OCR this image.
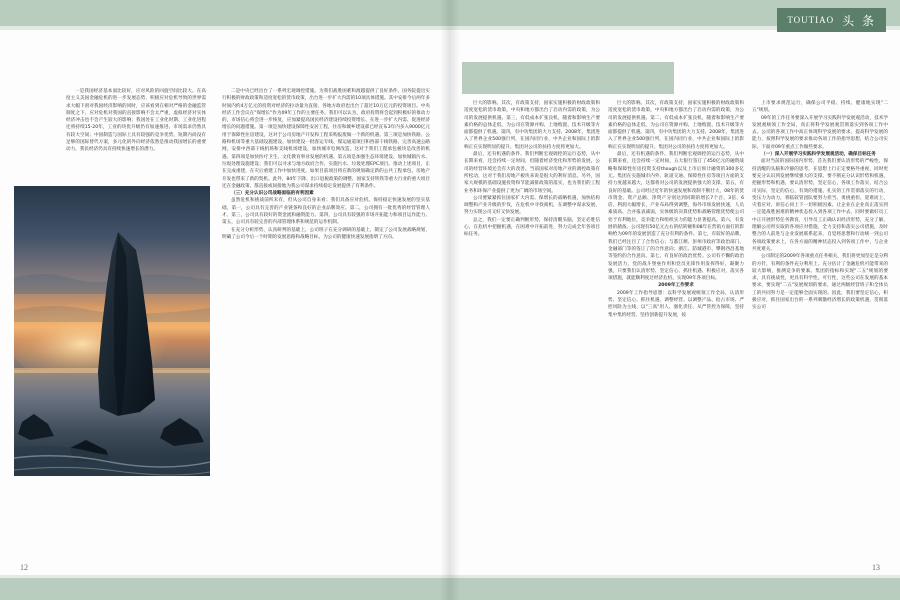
一是我国经济基本面比较好，应对风险的回旋空间比较大。在高度主义美国金融危机的进一步发展态势，积极应对危机导致的世界需求大幅下滑对我国经济影响的同时，应该看到在相对严格的金融监管制度之下，应对危机对我国的直接影响不会太严重，虚拟经济对实体经济冲击也不会产生较大的影响；我国处在工业化时期、工业化进程还将持续15-20年，工业的块优升级仍有加速推进、市场需求仍然具有较大空间；中国制造与国际上具有较强的竞争优势，短期内尚没有足够的国际替代方案，多元化的外向经济依然是推动我国增长的重要动力，我民经济仍具有持续快速增长的潜力。

二是中央已经出台了一系列宏观调控措施。为我们战胜困难和渡越提供了良好条件。国务院提出实行积极的财政政策和适度宽松的货币政策，出台进一步扩大内需的10项具体措施。其中安排今后两年多时间内约4万亿元的投资对经济的拉动量为直接，各地方政府也出台了超过10万亿元的投资项目。中央经济工作会议在"保增长"作为09年工作的主要任务。我们可以认为，政府投资将会起到积极好的推动力的，市场信心将会进一步恢复，应加紧提高国民经济建设持续投资增长、在进一步扩大内需、促进经济增长的问题措施。第一项是加快建设保障性安居工程，住房和城乡建设部已经宣布3年内多入9000亿元用于保障性住房建设，这对于公司房地产开发和工程采购报废做一个新的机遇。第三项是加快铁路、公路和机场等重大基础设施建设、加快建设一批客运专线、煤运通道项目和西部干线铁路、完善高速公路网，安排中西部干线机场和支线机场建设，加快城市电网改造。这对于我们工程承包板块是改善的机遇。第四项是加快医疗卫生、文化教育事业发展的机遇、第五项是加强生态环境建设、加快城镇污水、垃圾处理设施建设；我们可以寻求与地方政府合作，实施污水、垃圾处理EPC项目。推动上述项目，正在完成重建，在灾后重建工作中加快进度。如果目前项目将在新的规划确定新的公共工程承包、房地产开发也带来了新的契机。此外，84年下降、出口退税政策的调整、国家支持铁铁等重大行业的重大项目还在金融政策、都直接或间接地为我公司谋求持续稳定发展提供了有利条件。

（三）充分认识公司战略面临的有利因素

虽然危机和挑战前所未有，但从公司自身来看；我们具备应对危机、保持稳定快速发展的坚实基础，第一，公司具有完善的产业链条和良好的企业品牌效应。第二，公司拥有一批优秀的经营管理人才。第三，公司具有较好的资金流和融资能力。第四，公司具有较强的市场开拓能力和项目运作能力。第五，公司具有较完善的内部管理体系和规范的运作机制。

在充分分析形势、认真研判的基础上，公司班子在充分调研的基础上，制定了公司发展战略规划，明确了公司今后一个时期的发展思路和战略目标，为公司的健康快速发展指明了方向。

12
TOUTIAO 头 条

巨大的影响。其次，有政策支持，国家实施积极的财政政策和适度宽松的货币政策，中央和地方都出台了启动内需的政策，为公司的发展提供机遇。第三，有低成本扩张良机，随着和影响生产要素价格的总体走低，为公司在资源并购、土地购置、技术升级等方面都提供了机遇。第四，有中功集团的大力支持。2008年，集团进入了世界企业500强行列，在国内同行业、中共企业和国际上的影响正在实现明显的提升，集团对公司的扶持力度将更加大。

最后，还有机遇的条件。我们判断宏观调控的运行态势，从中长期来看，还会持续一定时间，但随着经济变化和形势的发展，公司的经营环境还会有大的改善。当前国家对房地产业的调控政策有所松动，这对于我们房地产板块来说是很大的利好消息。另外，国家大规模的基础设施投资和节能减排政策的落实，也为我们的工程业务和环保产业提供了更为广阔的市场空间。

公司要紧紧抓住国家扩大内需、保增长的战略机遇，加快结构调整和产业升级的步伐，在危机中寻找商机，在调整中谋求发展，努力实现公司又好又快发展。

总之，我们一定要正确判断形势，保持清醒头脑，坚定必胜信心，在危机中把握机遇，在困难中开拓前进，努力完成全年各项目标任务。

巨大的影响。其次，有政策支持，国家实施积极的财政政策和适度宽松的货币政策，中央和地方都出台了启动内需的政策，为公司的发展提供机遇。第二，有低成本扩张良机，随着和影响生产要素价格的总体走低，为公司在资源并购、土地购置、技术升级等方面都提供了机遇。第四，有中功集团的大力支持。2008年，集团进入了世界企业500强行列，在国内同行业、中共企业和国际上的影响正在实现明显的提升，集团对公司的扶持力度将更加大。

最后，还有机遇的条件。我们判断宏观调控的运行态势，从中长期来看，还会持续一定时间，五大银行签订了450亿元的融资战略和保障性住房投资支持though以及上市后预计融资的300多亿元。集团在实施城市内外、轨道交通、保障性住房等项目方面的支持力度越来越大，这都将对公司的发展提供强大的支撑。第五，有良好的基础。公司经过近年的快速发展和改制不断壮大，08年的货币资金、资产总额、净资产分别达到同期的增长7个百、3倍、6倍，利润大幅增长，产业布局得到调整，海外市场发展快速，人员素质高、合并报表减弱，实体级的决算优势和战略管理优势使公司处于有利地位，竞争能力和组织实力的能力显著提高。第六，有发展的储备。公司现有50亿元左右的结转额和08年在营销方面打的影响给为09年的发展创造了充分有利的条件。第七，有较好的品牌。我们已经注目了了合作信心；与都江堰、彭州市政府等政治部门、金融部门等的签订了的合作意向；浙江、防城港市、攀钢西昌基地等签约的合作意向。第七，有良好的政治优势。公司有不懈的政治发展活力，党的战斗堡垒作用和党员先锋作用发挥得好，凝聚力强，只要我们认清形势、坚定信心、抓住机遇、积极应对，落实各项措施，就能顺利度过经济危机，实现09年各项目标。

2009年工作要求

2009年工作指导思想：以科学发展观统领工作全局，认清形势、坚定信心、抓住机遇、调整经营、以调整产品、抢占市场、严控风险为主线，以"三高"用人、强化责任、从严管控为保障，坚持集中集约经营、坚持创新提升发展，按

上市要求规范运行，确保公司平稳、持续、健康地实现"二五"规划。

09年的工作任务要深入开展学习实践科学发展观活动，技术学发展观统领工作全局，真正将科学发展观贯彻落实到各项工作中去。公司的各项工作中高正体现科学发展的要求，提高科学发展的能力，按照科学发展的要求推动各项工作的指导思想，结合公司实际，下面对09年重点工作做些要求。

（一）深入开展学习实践科学发展观活动，确保目标任务

面对当前的国际国内形势，首先我们要认清形势的严峻性，保持清醒的头脑和冷静的思考，在思想上行正定要格外重视，同时更要充分认识到发展继续强大的支撑。要不断充分认识形势和机遇、把握形势和机遇，要认清形势，坚定信心，各项工作落实，结合公司实际，坚定的信心，有效的措施、扎实的工作贯彻落实的行动，变压力为动力，将临较管团队要努力担当、勇挑重担、迎难而上、灾着应对、讲信心同上下一切积极因素、让企业在企业真正落实到一定能战胜困难的精神状态投入到各项工作中去，同时要做好员工中正开展形势任务教育，引导员工正确认识经济形势，充分了解，理解公司所实取的各项应对措施，全力支持和落实公司措施，及时整合的人前进与企业发展联系起来，自觉将思想和行动统一到公司各项政策要求上，在各方面的精神状态投入到各项工作中，与企业共度难关。

公司制定的2009年各项重点任务相关，我们将更加坚定是分利的方针，有利的条件充分利用上。充分估计了金融危机可能带来的较大影响，推测竞争的要素。集团的指标和实现"二五"规划的要求，具有挑战性，更具有科学性。可行性，这些公司在发展的基本要求，要实现"二五"发展规划的要求，通过两级经营班子和全体员工的共同努力是一定能够全面实现的。因此，我们要坚定信心，积极应对，抓住国家出台的一系列刺激经济增长的政策机遇，贯彻落实公司

13
